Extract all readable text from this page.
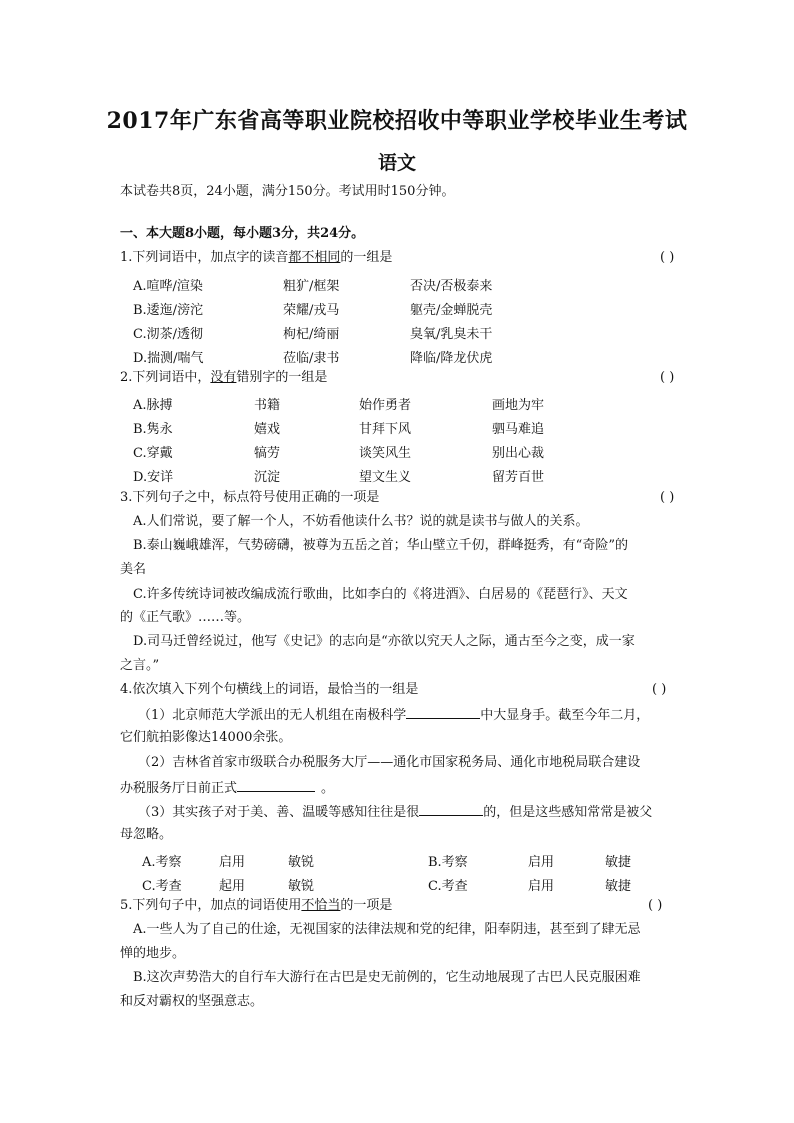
2017年广东省高等职业院校招收中等职业学校毕业生考试
语文
本试卷共8页，24小题，满分150分。考试用时150分钟。
一、本大题8小题，每小题3分，共24分。
1.下列词语中，加点字的读音都不相同的一组是	( )
A.喧哗/渲染	粗犷/框架	否决/否极泰来
B.逶迤/滂沱	荣耀/戎马	躯壳/金蝉脱壳
C.沏茶/透彻	枸杞/绮丽	臭氧/乳臭未干
D.揣测/喘气	莅临/隶书	降临/降龙伏虎
2.下列词语中，没有错别字的一组是	( )
A.脉搏	书籍	始作勇者	画地为牢
B.隽永	嬉戏	甘拜下风	驷马难追
C.穿戴	犒劳	谈笑风生	别出心裁
D.安详	沉淀	望文生义	留芳百世
3.下列句子之中，标点符号使用正确的一项是	( )
A.人们常说，要了解一个人，不妨看他读什么书？说的就是读书与做人的关系。
B.泰山巍峨雄浑，气势磅礴，被尊为五岳之首；华山壁立千仞，群峰挺秀，有“奇险”的
美名
C.许多传统诗词被改编成流行歌曲，比如李白的《将进酒》、白居易的《琵琶行》、天文
的《正气歌》……等。
D.司马迁曾经说过，他写《史记》的志向是“亦欲以究天人之际，通古至今之变，成一家
之言。”
4.依次填入下列个句横线上的词语，最恰当的一组是	( )
（1）北京师范大学派出的无人机组在南极科学	中大显身手。截至今年二月，
它们航拍影像达14000余张。
（2）吉林省首家市级联合办税服务大厅——通化市国家税务局、通化市地税局联合建设
办税服务厅日前正式	。
（3）其实孩子对于美、善、温暖等感知往往是很	的，但是这些感知常常是被父
母忽略。
A.考察	启用	敏锐	B.考察	启用	敏捷
C.考查	起用	敏锐	C.考查	启用	敏捷
5.下列句子中，加点的词语使用不恰当的一项是	( )
A.一些人为了自己的仕途，无视国家的法律法规和党的纪律，阳奉阴违，甚至到了肆无忌
惮的地步。
B.这次声势浩大的自行车大游行在古巴是史无前例的，它生动地展现了古巴人民克服困难
和反对霸权的坚强意志。
